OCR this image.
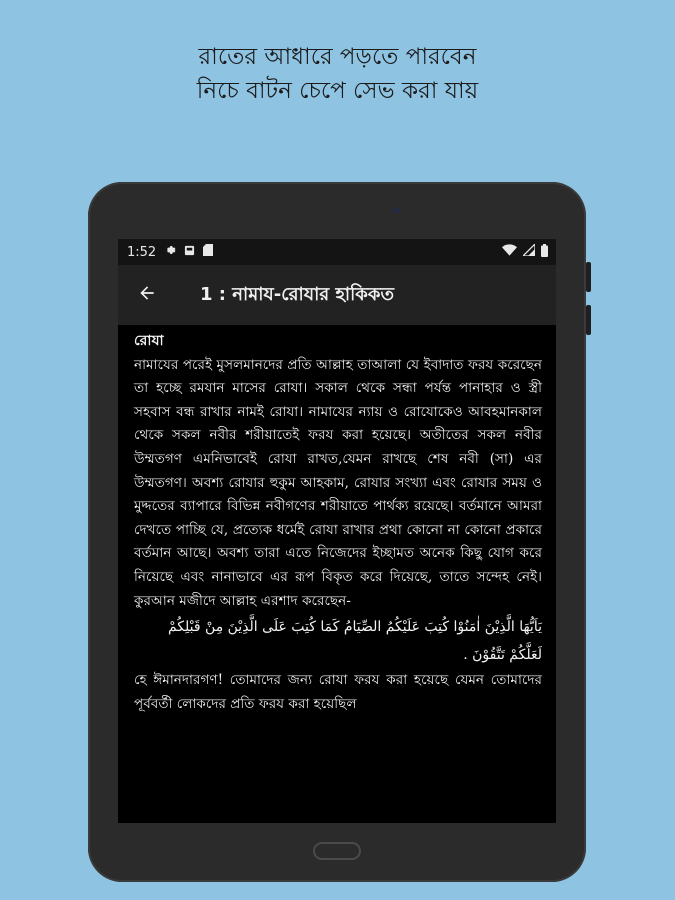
রাতের আধারে পড়তে পারবেন
নিচে বাটন চেপে সেভ করা যায়
1:52
1 : নামায-রোযার হাকিকত

রোযা

নামাযের পরেই মুসলমানদের প্রতি আল্লাহ তাআলা যে ইবাদাত ফরয করেছেন তা হচ্ছে রমযান মাসের রোযা। সকাল থেকে সন্ধা পর্যন্ত পানাহার ও স্ত্রী সহবাস বন্ধ রাখার নামই রোযা। নামাযের ন্যায় ও রোযোকেও আবহমানকাল থেকে সকল নবীর শরীয়াতেই ফরয করা হয়েছে। অতীতের সকল নবীর উম্মতগণ এমনিভাবেই রোযা রাখত,যেমন রাখছে শেষ নবী (সা) এর উম্মতগণ। অবশ্য রোযার হুকুম আহকাম, রোযার সংখ্যা এবং রোযার সময় ও মুদ্দতের ব্যাপারে বিভিন্ন নবীগণের শরীয়াতে পার্থক্য রয়েছে। বর্তমানে আমরা দেখতে পাচ্ছি যে, প্রত্যেক ধর্মেই রোযা রাখার প্রথা কোনো না কোনো প্রকারে বর্তমান আছে। অবশ্য তারা এতে নিজেদের ইচ্ছামত অনেক কিছু যোগ করে নিয়েছে এবং নানাভাবে এর রূপ বিকৃত করে দিয়েছে, তাতে সন্দেহ নেই। কুরআন মজীদে আল্লাহ এরশাদ করেছেন-

يَاَيُّهَا الَّذِيْنَ اٰمَنُوْا كُتِبَ عَلَيْكُمُ الصِّيَامُ كَمَا كُتِبَ عَلَى الَّذِيْنَ مِنْ قَبْلِكُمْ لَعَلَّكُمْ تَتَّقُوْنَ .

হে ঈমানদারগণ! তোমাদের জন্য রোযা ফরয করা হয়েছে যেমন তোমাদের পূর্ববর্তী লোকদের প্রতি ফরয করা হয়েছিল
